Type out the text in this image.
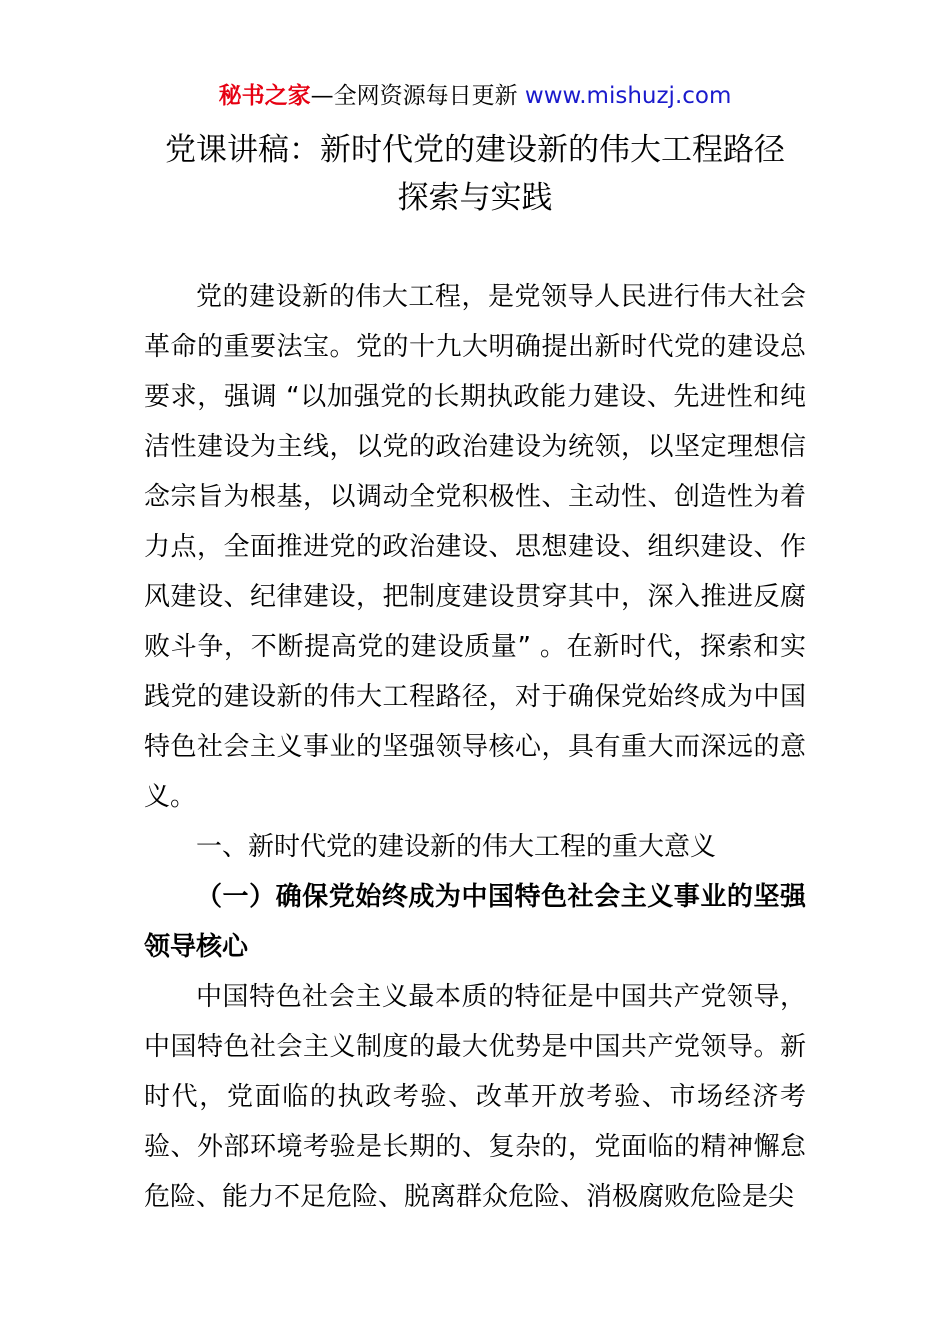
秘书之家—全网资源每日更新 www.mishuzj.com
党课讲稿：新时代党的建设新的伟大工程路径
探索与实践

党的建设新的伟大工程，是党领导人民进行伟大社会革命的重要法宝。党的十九大明确提出新时代党的建设总要求，强调 “以加强党的长期执政能力建设、先进性和纯洁性建设为主线，以党的政治建设为统领，以坚定理想信念宗旨为根基，以调动全党积极性、主动性、创造性为着力点，全面推进党的政治建设、思想建设、组织建设、作风建设、纪律建设，把制度建设贯穿其中，深入推进反腐败斗争，不断提高党的建设质量” 。在新时代，探索和实践党的建设新的伟大工程路径，对于确保党始终成为中国特色社会主义事业的坚强领导核心，具有重大而深远的意义。

一、新时代党的建设新的伟大工程的重大意义

（一）确保党始终成为中国特色社会主义事业的坚强领导核心

中国特色社会主义最本质的特征是中国共产党领导，中国特色社会主义制度的最大优势是中国共产党领导。新时代，党面临的执政考验、改革开放考验、市场经济考验、外部环境考验是长期的、复杂的，党面临的精神懈怠危险、能力不足危险、脱离群众危险、消极腐败危险是尖
